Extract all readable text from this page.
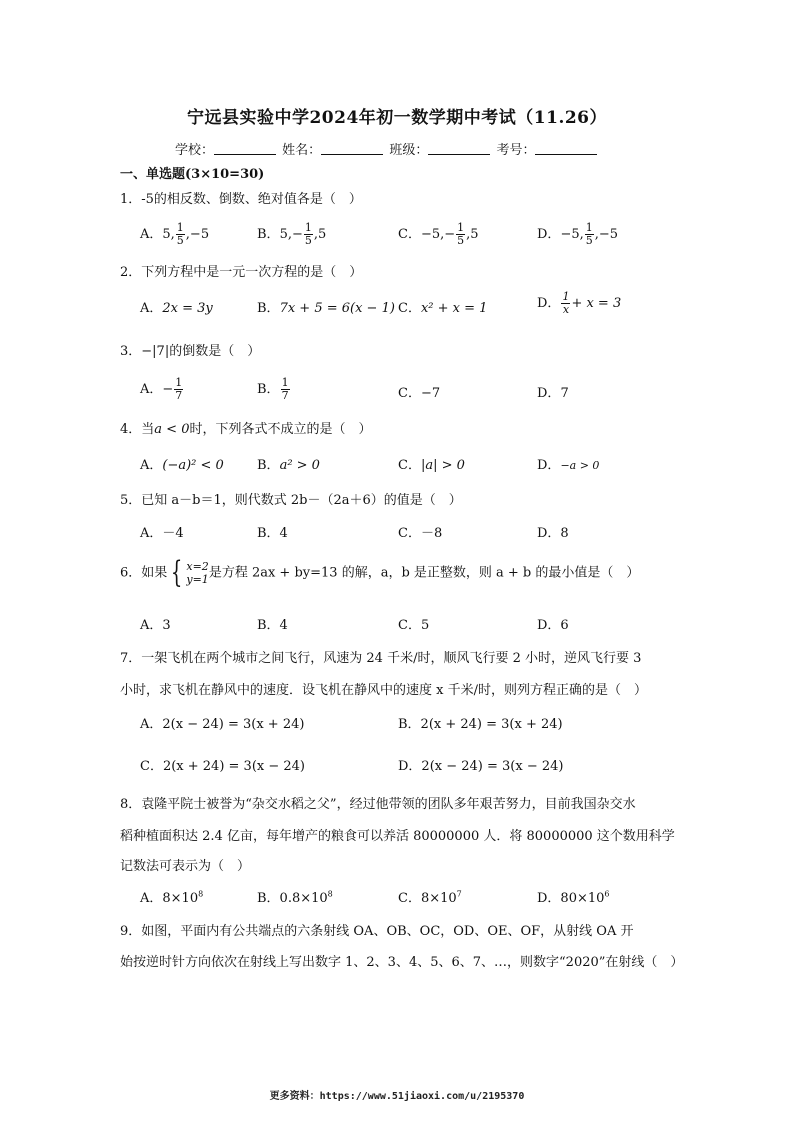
宁远县实验中学2024年初一数学期中考试（11.26）
学校：	姓名：	班级：	考号：
一、单选题(3×10=30)
1．-5的相反数、倒数、绝对值各是（　）
A．5, $\frac{1}{5} ,-5$	B．$5,- \frac{1}{5} ,5$	C．$-5,- \frac{1}{5} ,5$	D．−5, $\frac{1}{5} ,-5$
2．下列方程中是一元一次方程的是（　）
A．2x = 3y	B．7x + 5 = 6(x − 1) C．x² + x = 1	D． $\frac{1}{x} + x = 3$
3．−|7|的倒数是（　）
A．− $\frac{1}{7}$	B． $\frac{1}{7}$	C．−7	D．7
4．当a < 0时，下列各式不成立的是（　）
A．(−a)² < 0	B．a² > 0	C．|a| > 0	D．−a > 0
5．已知 a－b＝1，则代数式 2b－（2a＋6）的值是（　）
A．－4	B．4	C．－8	D．8
6．如果 { x=2
y=1 是方程 2ax + by=13 的解，a，b 是正整数，则 a + b 的最小值是（　）
A．3	B．4	C．5	D．6
7．一架飞机在两个城市之间飞行，风速为 24 千米/时，顺风飞行要 2 小时，逆风飞行要 3
小时，求飞机在静风中的速度．设飞机在静风中的速度 x 千米/时，则列方程正确的是（　）
A．2(x − 24) = 3(x + 24)	B．2(x + 24) = 3(x + 24)
C．2(x + 24) = 3(x − 24)	D．2(x − 24) = 3(x − 24)
8．袁隆平院士被誉为“杂交水稻之父”，经过他带领的团队多年艰苦努力，目前我国杂交水
稻种植面积达 2.4 亿亩，每年增产的粮食可以养活 80000000 人．将 80000000 这个数用科学
记数法可表示为（　）
A．$8\times 10^8$	B．$0.8\times 10^8$	C．$8\times 10^7$	D．$80\times 10^6$
9．如图，平面内有公共端点的六条射线 OA、OB、OC，OD、OE、OF，从射线 OA 开
始按逆时针方向依次在射线上写出数字 1、2、3、4、5、6、7、…，则数字“2020”在射线（　）
更多资料：https://www.51jiaoxi.com/u/2195370
